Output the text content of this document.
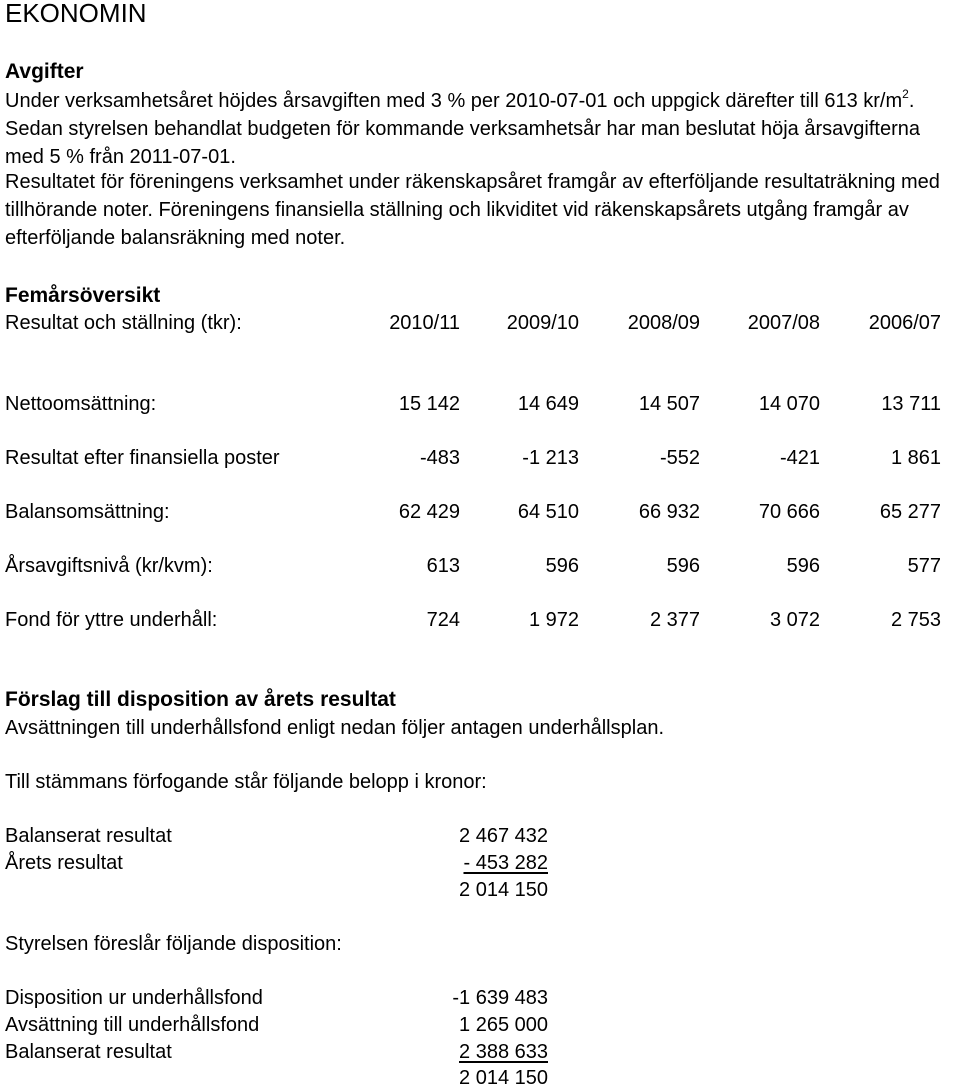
EKONOMIN
Avgifter

Under verksamhetsåret höjdes årsavgiften med 3 % per 2010-07-01 och uppgick därefter till 613 $kr/m^2$. Sedan styrelsen behandlat budgeten för kommande verksamhetsår har man beslutat höja årsavgifterna med 5 % från 2011-07-01.

Resultatet för föreningens verksamhet under räkenskapsåret framgår av efterföljande resultaträkning med tillhörande noter. Föreningens finansiella ställning och likviditet vid räkenskapsårets utgång framgår av efterföljande balansräkning med noter.

Femårsöversikt
Resultat och ställning (tkr):	2010/11	2009/10	2008/09	2007/08	2006/07
Nettoomsättning:	15 142	14 649	14 507	14 070	13 711
Resultat efter finansiella poster	-483	-1 213	-552	-421	1 861
Balansomsättning:	62 429	64 510	66 932	70 666	65 277
Årsavgiftsnivå (kr/kvm):	613	596	596	596	577
Fond för yttre underhåll:	724	1 972	2 377	3 072	2 753
Förslag till disposition av årets resultat
Avsättningen till underhållsfond enligt nedan följer antagen underhållsplan.
Till stämmans förfogande står följande belopp i kronor:
Balanserat resultat	2 467 432
Årets resultat	- 453 282
2 014 150
Styrelsen föreslår följande disposition:
Disposition ur underhållsfond	-1 639 483
Avsättning till underhållsfond	1 265 000
Balanserat resultat	2 388 633
2 014 150
